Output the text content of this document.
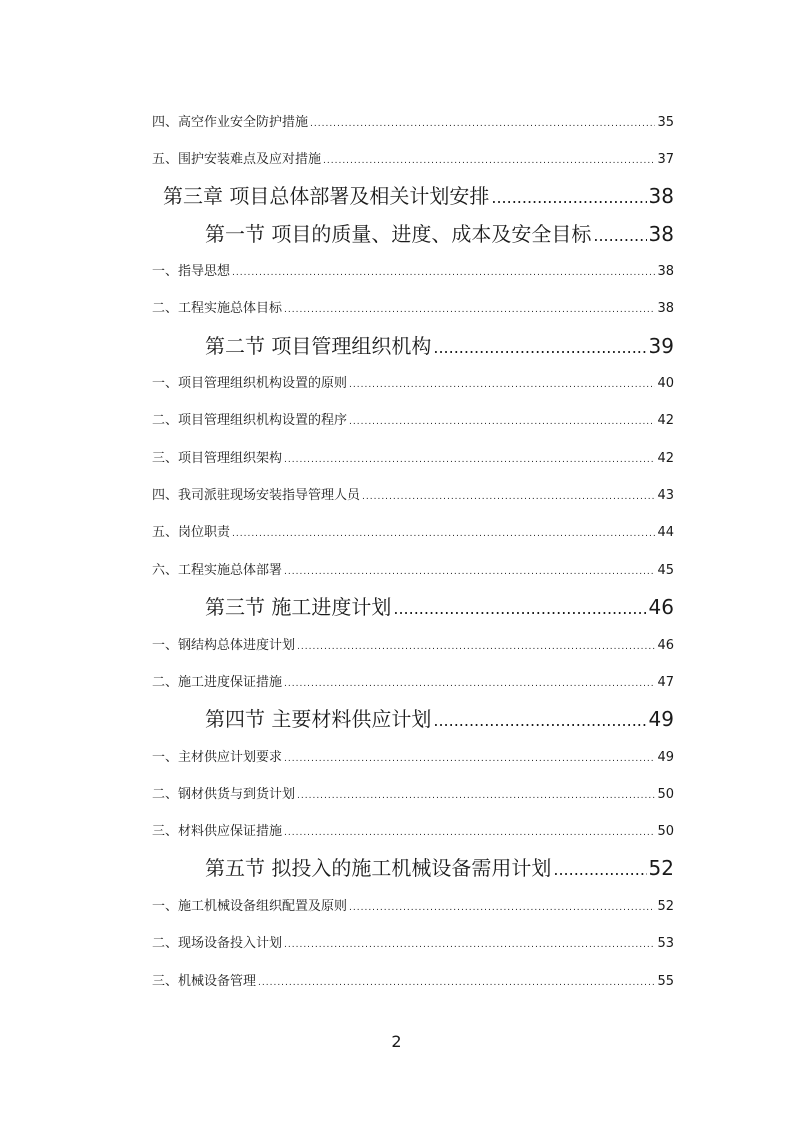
四、高空作业安全防护措施 .....	35
五、围护安装难点及应对措施 .....	37
第三章 项目总体部署及相关计划安排 .....	38
第一节 项目的质量、进度、成本及安全目标 .....	38
一、指导思想 .....	38
二、工程实施总体目标 .....	38
第二节 项目管理组织机构 .....	39
一、项目管理组织机构设置的原则 .....	40
二、项目管理组织机构设置的程序 .....	42
三、项目管理组织架构 .....	42
四、我司派驻现场安装指导管理人员 .....	43
五、岗位职责 .....	44
六、工程实施总体部署 .....	45
第三节 施工进度计划 .....	46
一、钢结构总体进度计划 .....	46
二、施工进度保证措施 .....	47
第四节 主要材料供应计划 .....	49
一、主材供应计划要求 .....	49
二、钢材供货与到货计划 .....	50
三、材料供应保证措施 .....	50
第五节 拟投入的施工机械设备需用计划 .....	52
一、施工机械设备组织配置及原则 .....	52
二、现场设备投入计划 .....	53
三、机械设备管理 .....	55
2
